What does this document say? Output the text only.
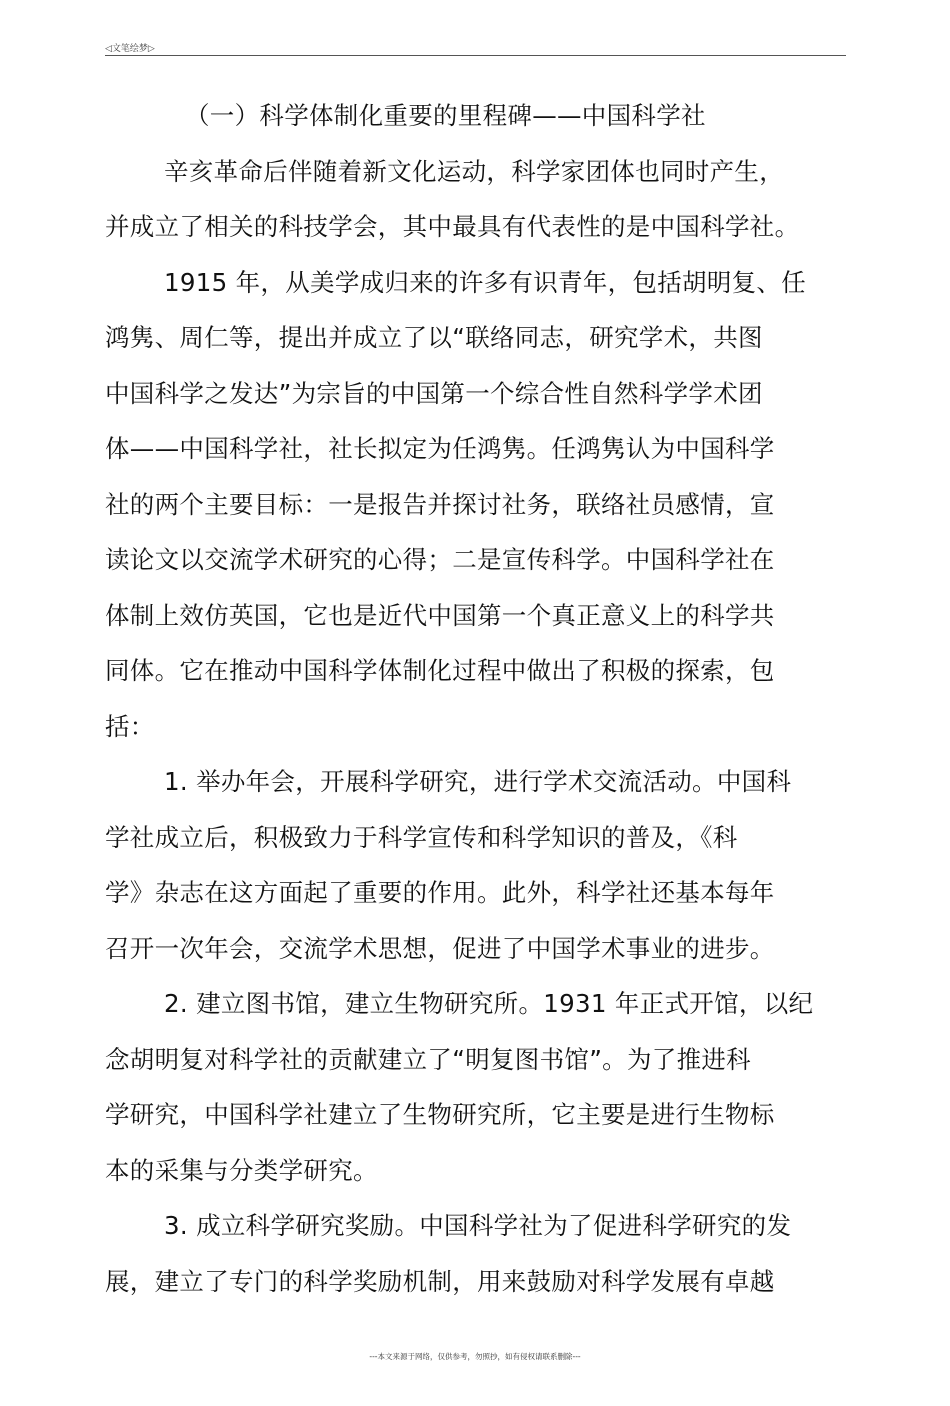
◁文笔绘梦▷
（一）科学体制化重要的里程碑——中国科学社
辛亥革命后伴随着新文化运动，科学家团体也同时产生，
并成立了相关的科技学会，其中最具有代表性的是中国科学社。
1915 年，从美学成归来的许多有识青年，包括胡明复、任
鸿隽、周仁等，提出并成立了以“联络同志，研究学术，共图
中国科学之发达”为宗旨的中国第一个综合性自然科学学术团
体——中国科学社，社长拟定为任鸿隽。任鸿隽认为中国科学
社的两个主要目标：一是报告并探讨社务，联络社员感情，宣
读论文以交流学术研究的心得；二是宣传科学。中国科学社在
体制上效仿英国，它也是近代中国第一个真正意义上的科学共
同体。它在推动中国科学体制化过程中做出了积极的探索，包
括：
1. 举办年会，开展科学研究，进行学术交流活动。中国科
学社成立后，积极致力于科学宣传和科学知识的普及，《科
学》杂志在这方面起了重要的作用。此外，科学社还基本每年
召开一次年会，交流学术思想，促进了中国学术事业的进步。
2. 建立图书馆，建立生物研究所。1931 年正式开馆，以纪
念胡明复对科学社的贡献建立了“明复图书馆”。为了推进科
学研究，中国科学社建立了生物研究所，它主要是进行生物标
本的采集与分类学研究。
3. 成立科学研究奖励。中国科学社为了促进科学研究的发
展，建立了专门的科学奖励机制，用来鼓励对科学发展有卓越
---本文来源于网络，仅供参考，勿照抄，如有侵权请联系删除---
